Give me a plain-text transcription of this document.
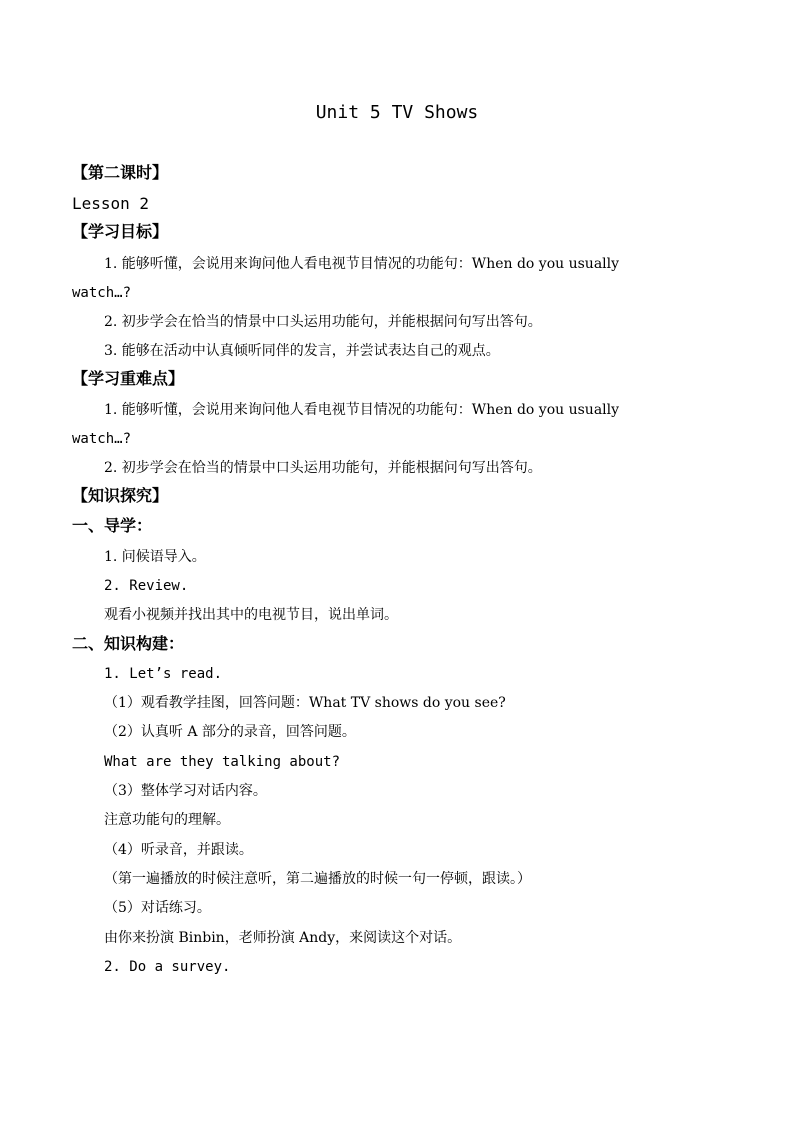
Unit 5 TV Shows
【第二课时】
Lesson 2
【学习目标】
1. 能够听懂，会说用来询问他人看电视节目情况的功能句：When do you usually
watch…?
2. 初步学会在恰当的情景中口头运用功能句，并能根据问句写出答句。
3. 能够在活动中认真倾听同伴的发言，并尝试表达自己的观点。
【学习重难点】
1. 能够听懂，会说用来询问他人看电视节目情况的功能句：When do you usually
watch…?
2. 初步学会在恰当的情景中口头运用功能句，并能根据问句写出答句。
【知识探究】
一、导学：
1. 问候语导入。
2. Review.
观看小视频并找出其中的电视节目，说出单词。
二、知识构建：
1. Let’s read.
（1）观看教学挂图，回答问题：What TV shows do you see?
（2）认真听 A 部分的录音，回答问题。
What are they talking about?
（3）整体学习对话内容。
注意功能句的理解。
（4）听录音，并跟读。
（第一遍播放的时候注意听，第二遍播放的时候一句一停顿，跟读。）
（5）对话练习。
由你来扮演 Binbin，老师扮演 Andy，来阅读这个对话。
2. Do a survey.
